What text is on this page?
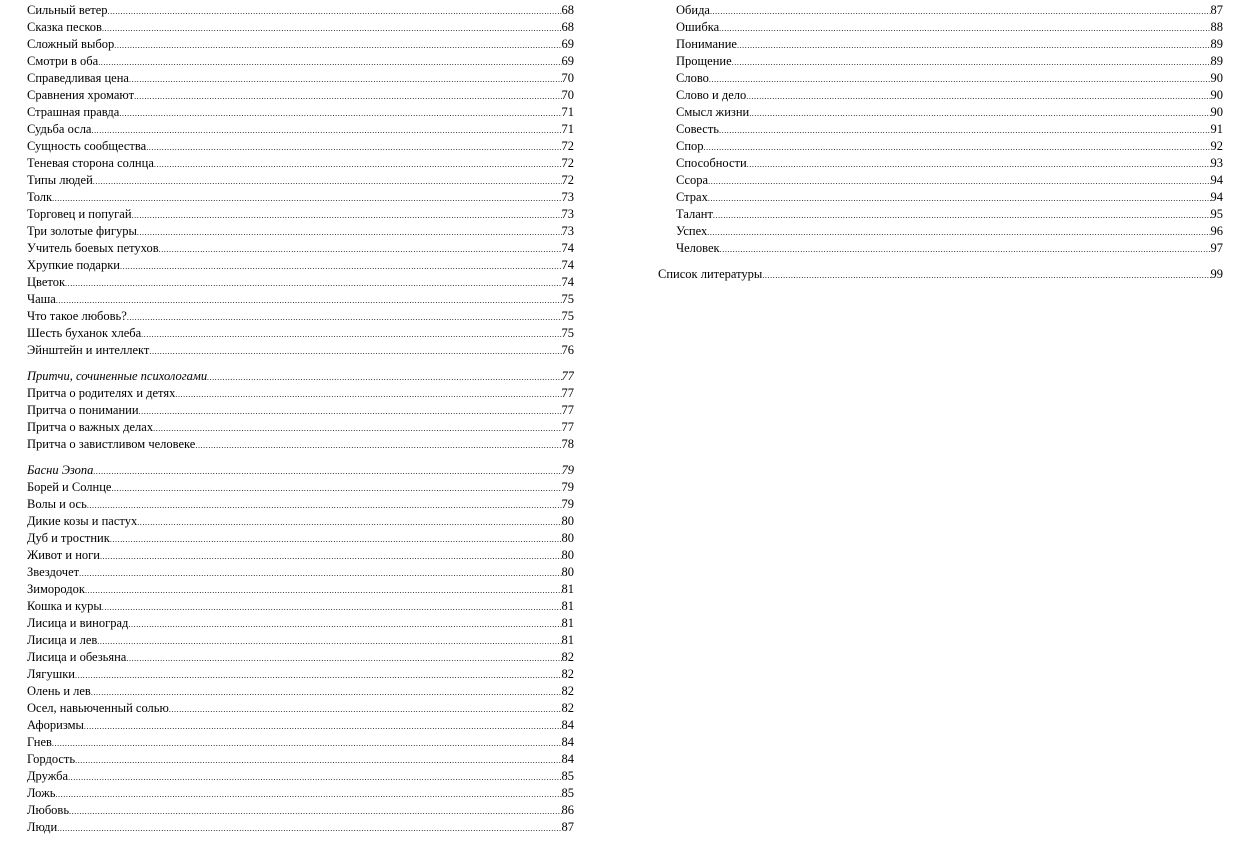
Сильный ветер .....	68
Сказка песков .....	68
Сложный выбор .....	69
Смотри в оба .....	69
Справедливая цена .....	70
Сравнения хромают .....	70
Страшная правда .....	71
Судьба осла .....	71
Сущность сообщества .....	72
Теневая сторона солнца .....	72
Типы людей .....	72
Толк .....	73
Торговец и попугай .....	73
Три золотые фигуры .....	73
Учитель боевых петухов .....	74
Хрупкие подарки .....	74
Цветок .....	74
Чаша .....	75
Что такое любовь? .....	75
Шесть буханок хлеба .....	75
Эйнштейн и интеллект .....	76
Притчи, сочиненные психологами .....	77
Притча о родителях и детях .....	77
Притча о понимании .....	77
Притча о важных делах .....	77
Притча о завистливом человеке .....	78
Басни Эзопа .....	79
Борей и Солнце .....	79
Волы и ось .....	79
Дикие козы и пастух .....	80
Дуб и тростник .....	80
Живот и ноги .....	80
Звездочет .....	80
Зимородок .....	81
Кошка и куры .....	81
Лисица и виноград .....	81
Лисица и лев .....	81
Лисица и обезьяна .....	82
Лягушки .....	82
Олень и лев .....	82
Осел, навьюченный солью .....	82
Афоризмы .....	84
Гнев .....	84
Гордость .....	84
Дружба .....	85
Ложь .....	85
Любовь .....	86
Люди .....	87
Обида .....	87
Ошибка .....	88
Понимание .....	89
Прощение .....	89
Слово .....	90
Слово и дело .....	90
Смысл жизни .....	90
Совесть .....	91
Спор .....	92
Способности .....	93
Ссора .....	94
Страх .....	94
Талант .....	95
Успех .....	96
Человек .....	97
Список литературы .....	99
